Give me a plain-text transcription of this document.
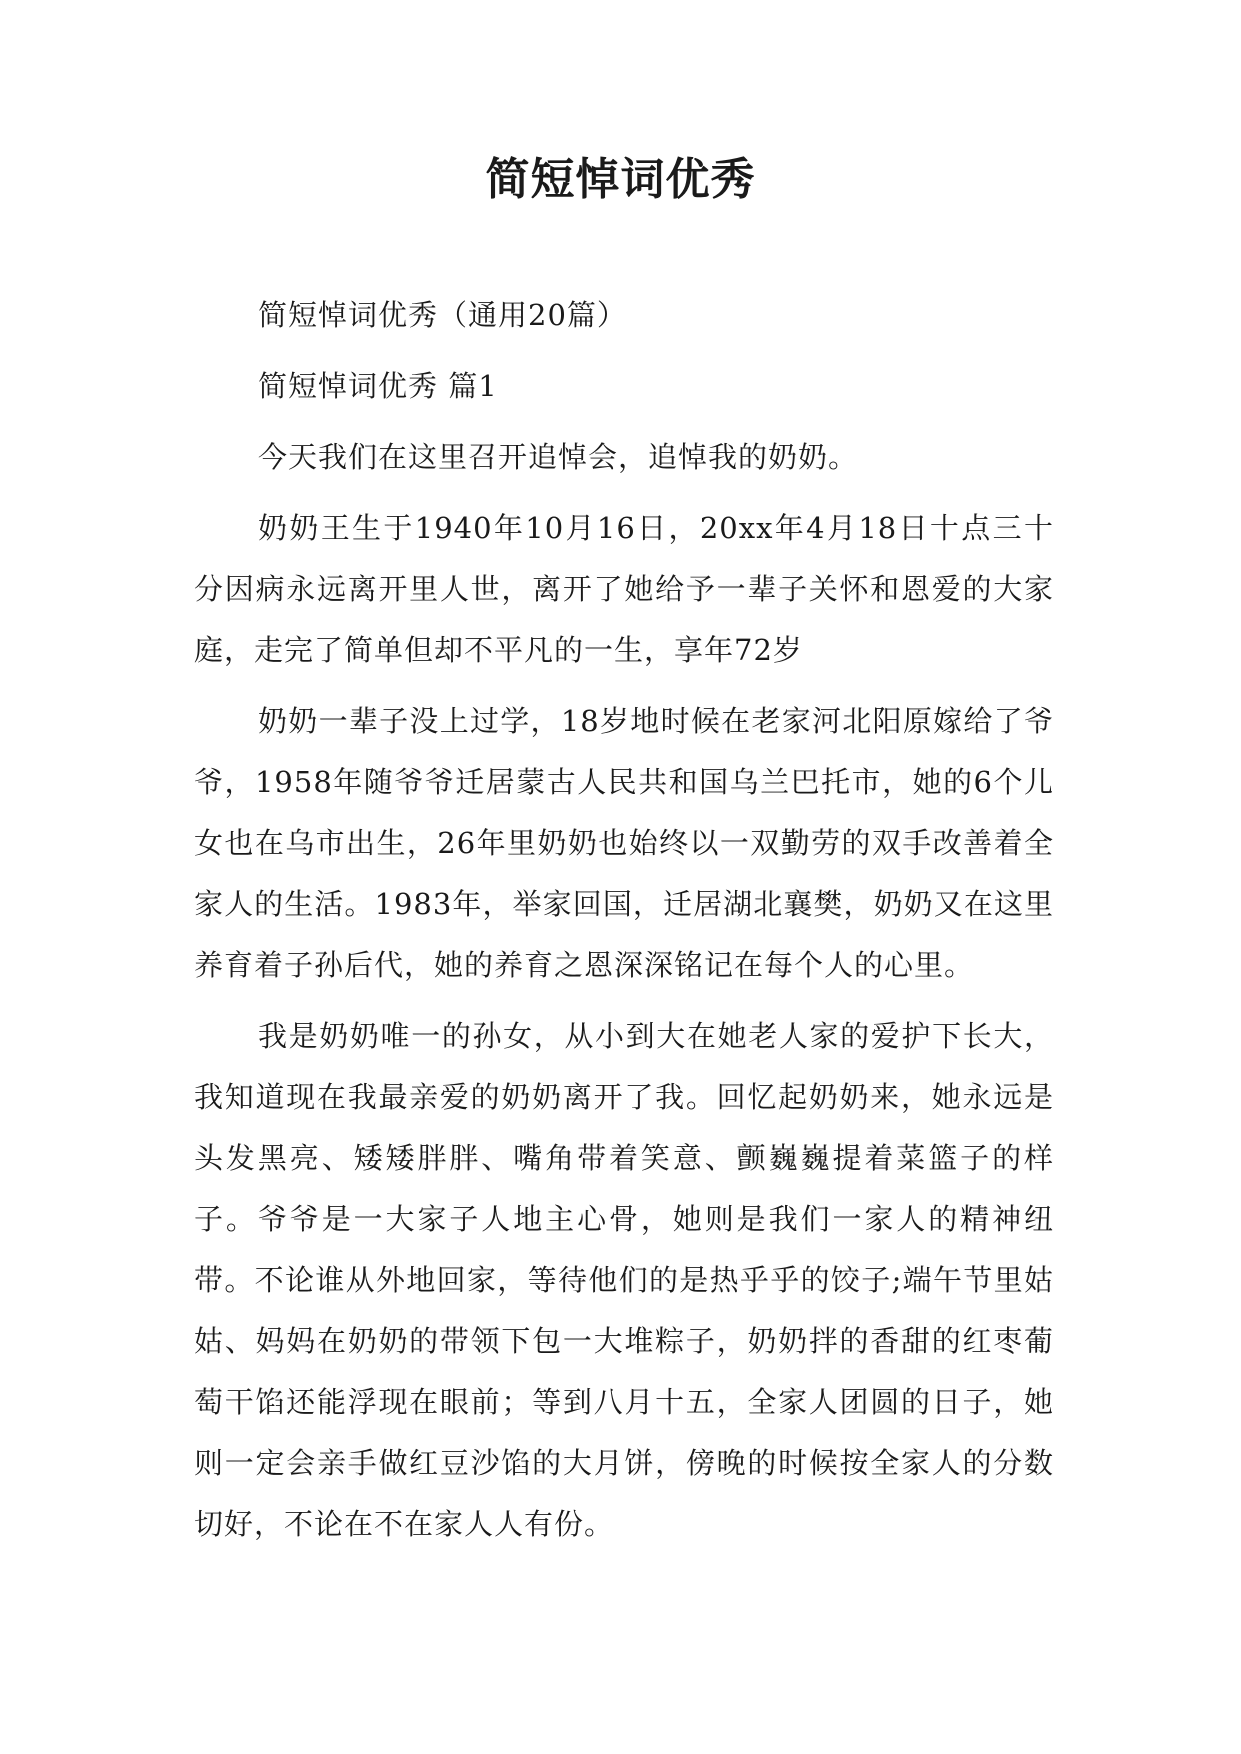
简短悼词优秀

简短悼词优秀（通用20篇）

简短悼词优秀 篇1

今天我们在这里召开追悼会，追悼我的奶奶。

奶奶王生于1940年10月16日，20xx年4月18日十点三十分因病永远离开里人世，离开了她给予一辈子关怀和恩爱的大家庭，走完了简单但却不平凡的一生，享年72岁

奶奶一辈子没上过学，18岁地时候在老家河北阳原嫁给了爷爷，1958年随爷爷迁居蒙古人民共和国乌兰巴托市，她的6个儿女也在乌市出生，26年里奶奶也始终以一双勤劳的双手改善着全家人的生活。1983年，举家回国，迁居湖北襄樊，奶奶又在这里养育着子孙后代，她的养育之恩深深铭记在每个人的心里。

我是奶奶唯一的孙女，从小到大在她老人家的爱护下长大，我知道现在我最亲爱的奶奶离开了我。回忆起奶奶来，她永远是头发黑亮、矮矮胖胖、嘴角带着笑意、颤巍巍提着菜篮子的样子。爷爷是一大家子人地主心骨，她则是我们一家人的精神纽带。不论谁从外地回家，等待他们的是热乎乎的饺子;端午节里姑姑、妈妈在奶奶的带领下包一大堆粽子，奶奶拌的香甜的红枣葡萄干馅还能浮现在眼前；等到八月十五，全家人团圆的日子，她则一定会亲手做红豆沙馅的大月饼，傍晚的时候按全家人的分数切好，不论在不在家人人有份。
